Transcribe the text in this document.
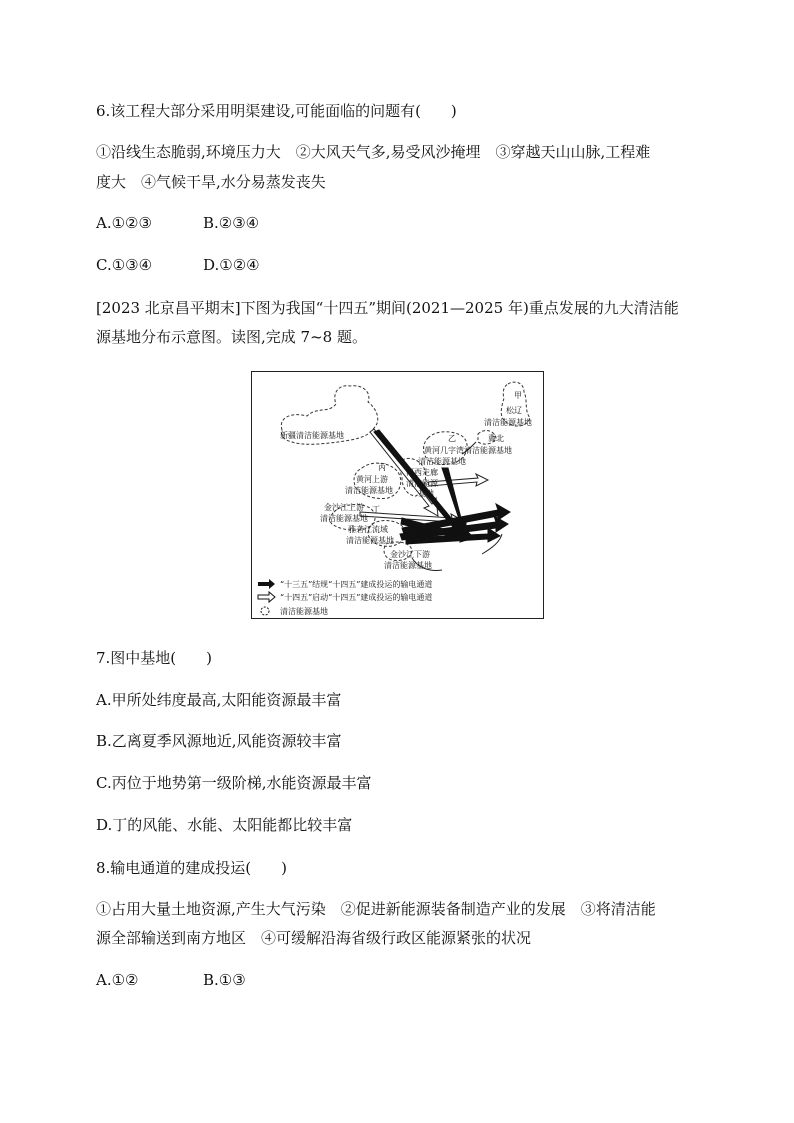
6.该工程大部分采用明渠建设,可能面临的问题有(　　)
①沿线生态脆弱,环境压力大　②大风天气多,易受风沙掩埋　③穿越天山山脉,工程难
度大　④气候干旱,水分易蒸发丧失
A.①②③	B.②③④
C.①③④	D.①②④
[2023 北京昌平期末]下图为我国“十四五”期间(2021—2025 年)重点发展的九大清洁能
源基地分布示意图。读图,完成 7~8 题。
甲
松辽
清洁能源基地
新疆清洁能源基地	乙	冀北
黄河几字湾清洁能源基地
清洁能源基地
丙
河西走廊
黄河上游 清洁能源
清洁能源基地	基地
金沙江上游
清洁能源基地
丁
雅砻江流域
清洁能源基地
金沙江下游
清洁能源基地
“十三五”结规“十四五”建成投运的输电通道
“十四五”启动“十四五”建成投运的输电通道
清洁能源基地
7.图中基地(　　)
A.甲所处纬度最高,太阳能资源最丰富
B.乙离夏季风源地近,风能资源较丰富
C.丙位于地势第一级阶梯,水能资源最丰富
D.丁的风能、水能、太阳能都比较丰富
8.输电通道的建成投运(　　)
①占用大量土地资源,产生大气污染　②促进新能源装备制造产业的发展　③将清洁能
源全部输送到南方地区　④可缓解沿海省级行政区能源紧张的状况
A.①②	B.①③
